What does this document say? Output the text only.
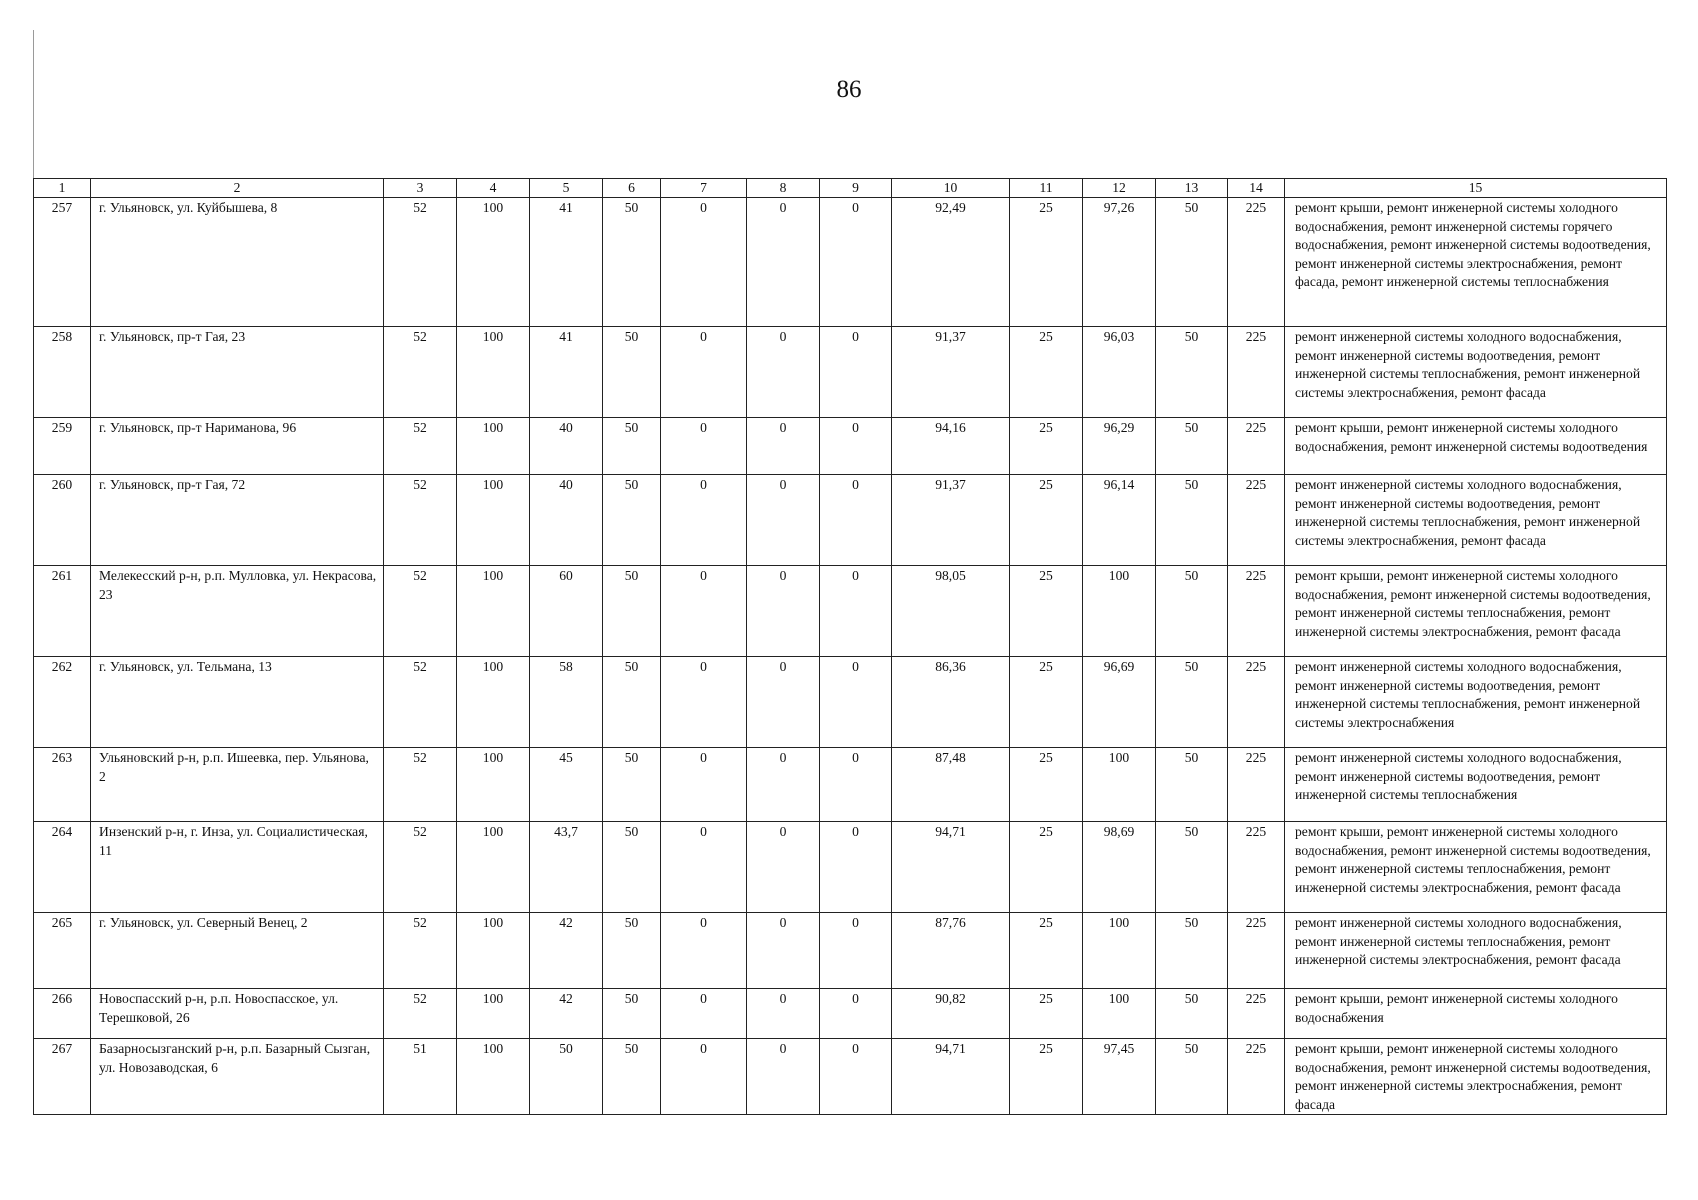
86
1	2	3	4	5	6	7	8	9	10	11	12	13	14	15
257	г. Ульяновск, ул. Куйбышева, 8	52	100	41	50	0	0	0	92,49	25	97,26	50	225	ремонт крыши, ремонт инженерной системы холодного водоснабжения, ремонт инженерной системы горячего водоснабжения, ремонт инженерной системы водоотведения, ремонт инженерной системы электроснабжения, ремонт фасада, ремонт инженерной системы теплоснабжения
258	г. Ульяновск, пр-т Гая, 23	52	100	41	50	0	0	0	91,37	25	96,03	50	225	ремонт инженерной системы холодного водоснабжения, ремонт инженерной системы водоотведения, ремонт инженерной системы теплоснабжения, ремонт инженерной системы электроснабжения, ремонт фасада
259	г. Ульяновск, пр-т Нариманова, 96	52	100	40	50	0	0	0	94,16	25	96,29	50	225	ремонт крыши, ремонт инженерной системы холодного водоснабжения, ремонт инженерной системы водоотведения
260	г. Ульяновск, пр-т Гая, 72	52	100	40	50	0	0	0	91,37	25	96,14	50	225	ремонт инженерной системы холодного водоснабжения, ремонт инженерной системы водоотведения, ремонт инженерной системы теплоснабжения, ремонт инженерной системы электроснабжения, ремонт фасада
261	Мелекесский р-н, р.п. Мулловка, ул. Некрасова, 23	52	100	60	50	0	0	0	98,05	25	100	50	225	ремонт крыши, ремонт инженерной системы холодного водоснабжения, ремонт инженерной системы водоотведения, ремонт инженерной системы теплоснабжения, ремонт инженерной системы электроснабжения, ремонт фасада
262	г. Ульяновск, ул. Тельмана, 13	52	100	58	50	0	0	0	86,36	25	96,69	50	225	ремонт инженерной системы холодного водоснабжения, ремонт инженерной системы водоотведения, ремонт инженерной системы теплоснабжения, ремонт инженерной системы электроснабжения
263	Ульяновский р-н, р.п. Ишеевка, пер. Ульянова, 2	52	100	45	50	0	0	0	87,48	25	100	50	225	ремонт инженерной системы холодного водоснабжения, ремонт инженерной системы водоотведения, ремонт инженерной системы теплоснабжения
264	Инзенский р-н, г. Инза, ул. Социалистическая, 11	52	100	43,7	50	0	0	0	94,71	25	98,69	50	225	ремонт крыши, ремонт инженерной системы холодного водоснабжения, ремонт инженерной системы водоотведения, ремонт инженерной системы теплоснабжения, ремонт инженерной системы электроснабжения, ремонт фасада
265	г. Ульяновск, ул. Северный Венец, 2	52	100	42	50	0	0	0	87,76	25	100	50	225	ремонт инженерной системы холодного водоснабжения, ремонт инженерной системы теплоснабжения, ремонт инженерной системы электроснабжения, ремонт фасада
266	Новоспасский р-н, р.п. Новоспасское, ул. Терешковой, 26	52	100	42	50	0	0	0	90,82	25	100	50	225	ремонт крыши, ремонт инженерной системы холодного водоснабжения
267	Базарносызганский р-н, р.п. Базарный Сызган, ул. Новозаводская, 6	51	100	50	50	0	0	0	94,71	25	97,45	50	225	ремонт крыши, ремонт инженерной системы холодного водоснабжения, ремонт инженерной системы водоотведения, ремонт инженерной системы электроснабжения, ремонт фасада
